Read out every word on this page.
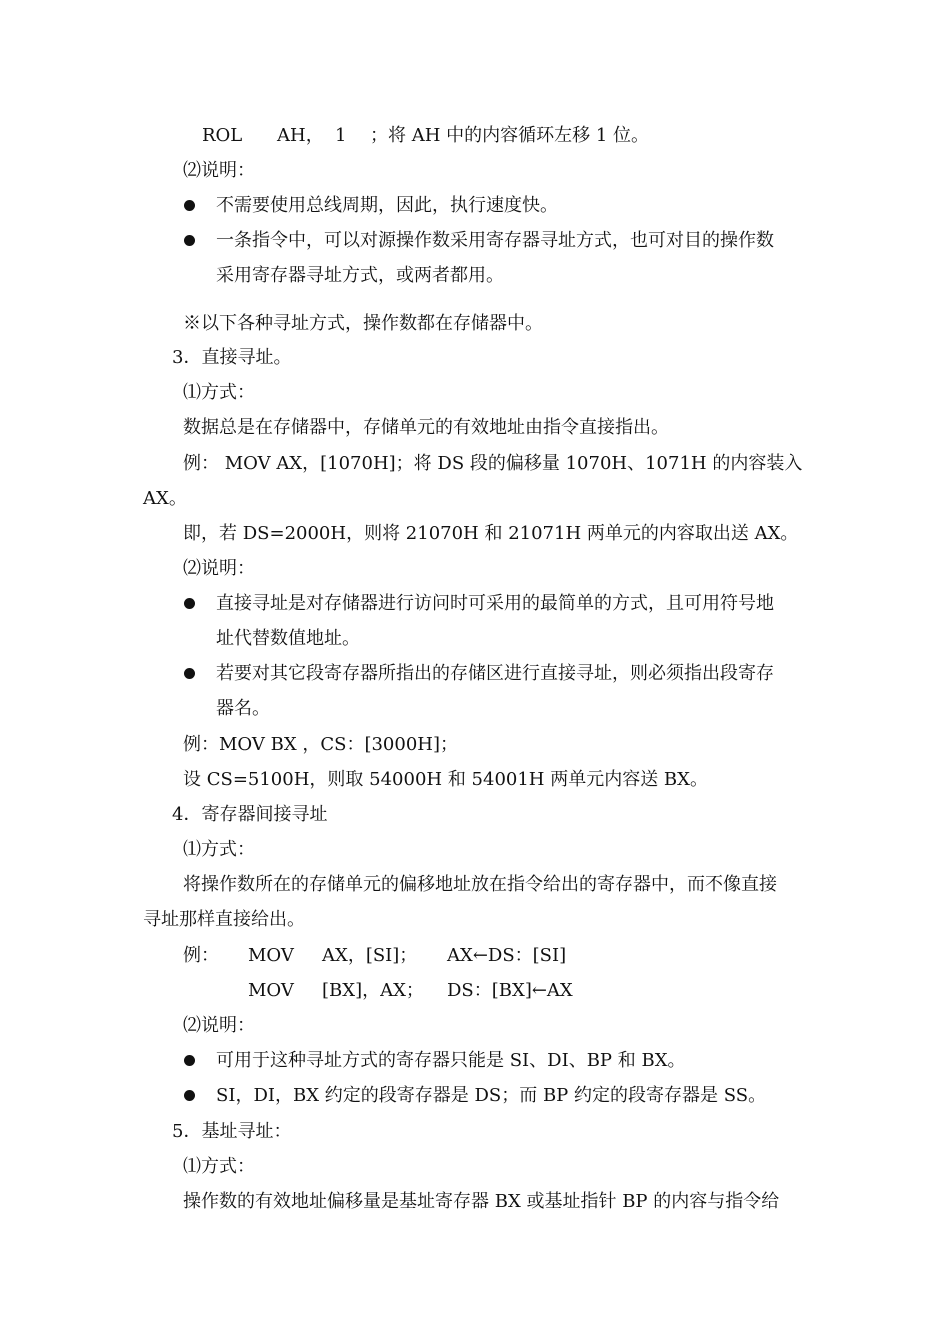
ROL AH， 1 ；将 AH 中的内容循环左移 1 位。
⑵说明：
不需要使用总线周期，因此，执行速度快。
一条指令中，可以对源操作数采用寄存器寻址方式，也可对目的操作数
采用寄存器寻址方式，或两者都用。
※以下各种寻址方式，操作数都在存储器中。
3．直接寻址。
⑴方式：
数据总是在存储器中，存储单元的有效地址由指令直接指出。
例： MOV AX，[1070H]；将 DS 段的偏移量 1070H、1071H 的内容装入
AX。
即，若 DS=2000H，则将 21070H 和 21071H 两单元的内容取出送 AX。
⑵说明：
直接寻址是对存储器进行访问时可采用的最简单的方式，且可用符号地
址代替数值地址。
若要对其它段寄存器所指出的存储区进行直接寻址，则必须指出段寄存
器名。
例：MOV BX ，CS：[3000H]；
设 CS=5100H，则取 54000H 和 54001H 两单元内容送 BX。
4．寄存器间接寻址
⑴方式：
将操作数所在的存储单元的偏移地址放在指令给出的寄存器中，而不像直接
寻址那样直接给出。
例： MOV AX，[SI]； AX←DS：[SI]
MOV [BX]，AX； DS：[BX]←AX
⑵说明：
可用于这种寻址方式的寄存器只能是 SI、DI、BP 和 BX。
SI，DI，BX 约定的段寄存器是 DS；而 BP 约定的段寄存器是 SS。
5．基址寻址：
⑴方式：
操作数的有效地址偏移量是基址寄存器 BX 或基址指针 BP 的内容与指令给
